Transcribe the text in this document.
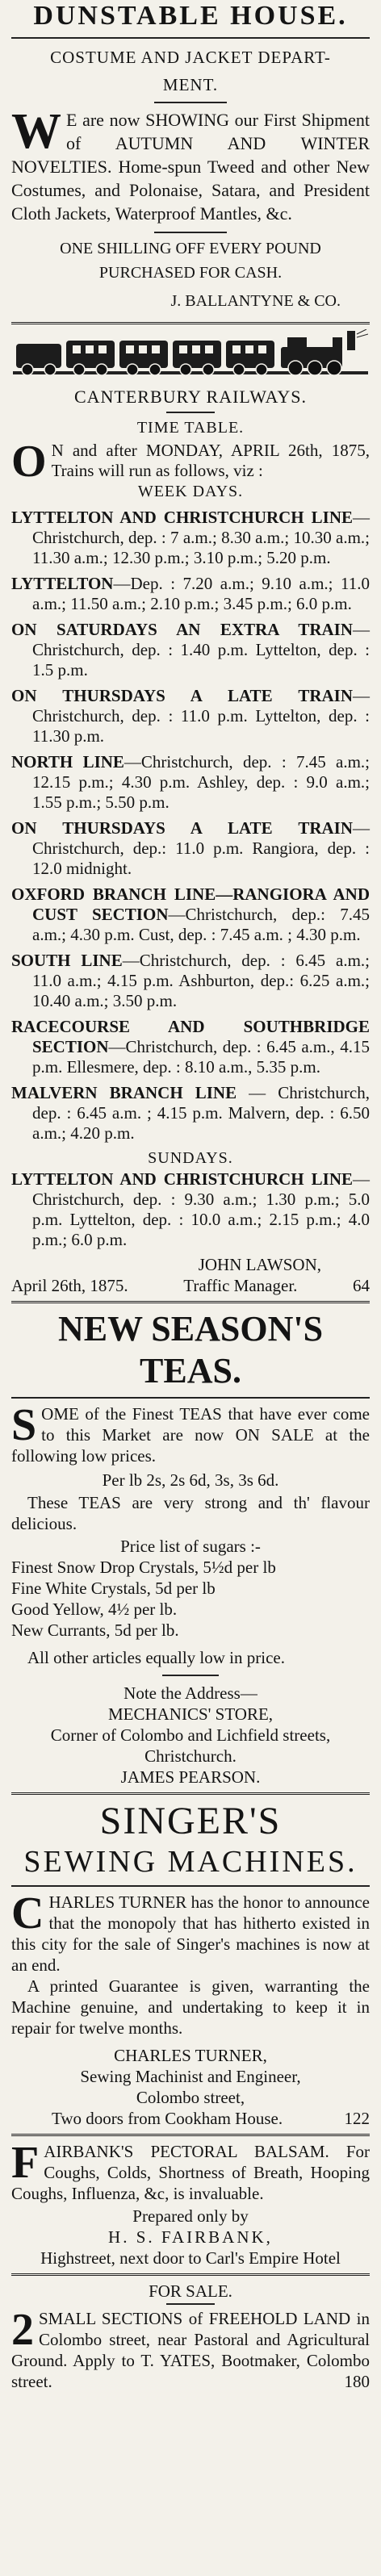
DUNSTABLE HOUSE.
COSTUME AND JACKET DEPART-
MENT.
W E are now SHOWING our First Shipment of AUTUMN AND WINTER NOVELTIES. Home-spun Tweed and other New Costumes, and Polonaise, Satara, and President Cloth Jackets, Waterproof Mantles, &c.
ONE SHILLING OFF EVERY POUND
PURCHASED FOR CASH.
J. BALLANTYNE & CO.
CANTERBURY RAILWAYS.
TIME TABLE.

O N and after MONDAY, APRIL 26th, 1875, Trains will run as follows, viz :

WEEK DAYS.

LYTTELTON AND CHRISTCHURCH LINE—Christchurch, dep. : 7 a.m.; 8.30 a.m.; 10.30 a.m.; 11.30 a.m.; 12.30 p.m.; 3.10 p.m.; 5.20 p.m.

LYTTELTON—Dep. : 7.20 a.m.; 9.10 a.m.; 11.0 a.m.; 11.50 a.m.; 2.10 p.m.; 3.45 p.m.; 6.0 p.m.

ON SATURDAYS AN EXTRA TRAIN—Christchurch, dep. : 1.40 p.m. Lyttelton, dep. : 1.5 p.m.

ON THURSDAYS A LATE TRAIN—Christchurch, dep. : 11.0 p.m. Lyttelton, dep. : 11.30 p.m.

NORTH LINE—Christchurch, dep. : 7.45 a.m.; 12.15 p.m.; 4.30 p.m. Ashley, dep. : 9.0 a.m.; 1.55 p.m.; 5.50 p.m.

ON THURSDAYS A LATE TRAIN—Christchurch, dep.: 11.0 p.m. Rangiora, dep. : 12.0 midnight.

OXFORD BRANCH LINE—RANGIORA AND CUST SECTION—Christchurch, dep.: 7.45 a.m.; 4.30 p.m. Cust, dep. : 7.45 a.m. ; 4.30 p.m.

SOUTH LINE—Christchurch, dep. : 6.45 a.m.; 11.0 a.m.; 4.15 p.m. Ashburton, dep.: 6.25 a.m.; 10.40 a.m.; 3.50 p.m.

RACECOURSE AND SOUTHBRIDGE SECTION—Christchurch, dep. : 6.45 a.m., 4.15 p.m. Ellesmere, dep. : 8.10 a.m., 5.35 p.m.

MALVERN BRANCH LINE — Christchurch, dep. : 6.45 a.m. ; 4.15 p.m. Malvern, dep. : 6.50 a.m.; 4.20 p.m.

SUNDAYS.

LYTTELTON AND CHRISTCHURCH LINE—Christchurch, dep. : 9.30 a.m.; 1.30 p.m.; 5.0 p.m. Lyttelton, dep. : 10.0 a.m.; 2.15 p.m.; 4.0 p.m.; 6.0 p.m.

JOHN LAWSON,

April 26th, 1875.	Traffic Manager.	64
NEW SEASON'S TEAS.

S OME of the Finest TEAS that have ever come to this Market are now ON SALE at the following low prices.

Per lb 2s, 2s 6d, 3s, 3s 6d.

These TEAS are very strong and th' flavour delicious.

Price list of sugars :-

Finest Snow Drop Crystals, 5½d per lb

Fine White Crystals, 5d per lb

Good Yellow, 4½ per lb.

New Currants, 5d per lb.

All other articles equally low in price.

Note the Address—

MECHANICS' STORE,

Corner of Colombo and Lichfield streets,

Christchurch.

JAMES PEARSON.

SINGER'S
SEWING MACHINES.

C HARLES TURNER has the honor to announce that the monopoly that has hitherto existed in this city for the sale of Singer's machines is now at an end.

A printed Guarantee is given, warranting the Machine genuine, and undertaking to keep it in repair for twelve months.

CHARLES TURNER,

Sewing Machinist and Engineer,

Colombo street,

Two doors from Cookham House.	122

F AIRBANK'S PECTORAL BALSAM. For Coughs, Colds, Shortness of Breath, Hooping Coughs, Influenza, &c, is invaluable.

Prepared only by

H. S. FAIRBANK,

Highstreet, next door to Carl's Empire Hotel

FOR SALE.

2 SMALL SECTIONS of FREEHOLD LAND in Colombo street, near Pastoral and Agricultural Ground. Apply to T. YATES, Bootmaker, Colombo street.	180
